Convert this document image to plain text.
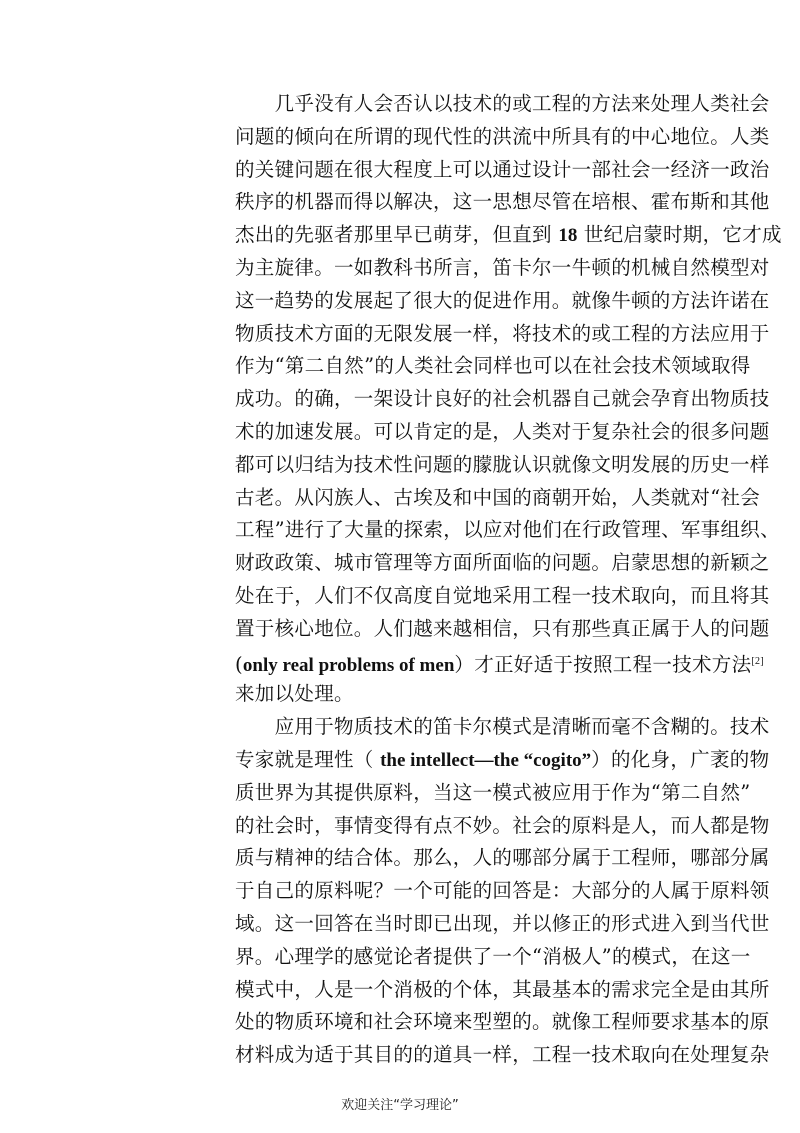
　　几乎没有人会否认以技术的或工程的方法来处理人类社会
问题的倾向在所谓的现代性的洪流中所具有的中心地位。人类
的关键问题在很大程度上可以通过设计一部社会一经济一政治
秩序的机器而得以解决，这一思想尽管在培根、霍布斯和其他
杰出的先驱者那里早已萌芽，但直到 18 世纪启蒙时期，它才成
为主旋律。一如教科书所言，笛卡尔一牛顿的机械自然模型对
这一趋势的发展起了很大的促进作用。就像牛顿的方法许诺在
物质技术方面的无限发展一样，将技术的或工程的方法应用于
作为“第二自然”的人类社会同样也可以在社会技术领域取得
成功。的确，一架设计良好的社会机器自己就会孕育出物质技
术的加速发展。可以肯定的是，人类对于复杂社会的很多问题
都可以归结为技术性问题的朦胧认识就像文明发展的历史一样
古老。从闪族人、古埃及和中国的商朝开始，人类就对“社会
工程”进行了大量的探索，以应对他们在行政管理、军事组织、
财政政策、城市管理等方面所面临的问题。启蒙思想的新颖之
处在于，人们不仅高度自觉地采用工程一技术取向，而且将其
置于核心地位。人们越来越相信，只有那些真正属于人的问题
(only real problems of men）才正好适于按照工程一技术方法[2]
来加以处理。
　　应用于物质技术的笛卡尔模式是清晰而毫不含糊的。技术
专家就是理性（ the intellect—the “cogito”）的化身，广袤的物
质世界为其提供原料，当这一模式被应用于作为“第二自然”
的社会时，事情变得有点不妙。社会的原料是人，而人都是物
质与精神的结合体。那么，人的哪部分属于工程师，哪部分属
于自己的原料呢？一个可能的回答是：大部分的人属于原料领
域。这一回答在当时即已出现，并以修正的形式进入到当代世
界。心理学的感觉论者提供了一个“消极人”的模式，在这一
模式中，人是一个消极的个体，其最基本的需求完全是由其所
处的物质环境和社会环境来型塑的。就像工程师要求基本的原
材料成为适于其目的的道具一样，工程一技术取向在处理复杂
欢迎关注“学习理论”
